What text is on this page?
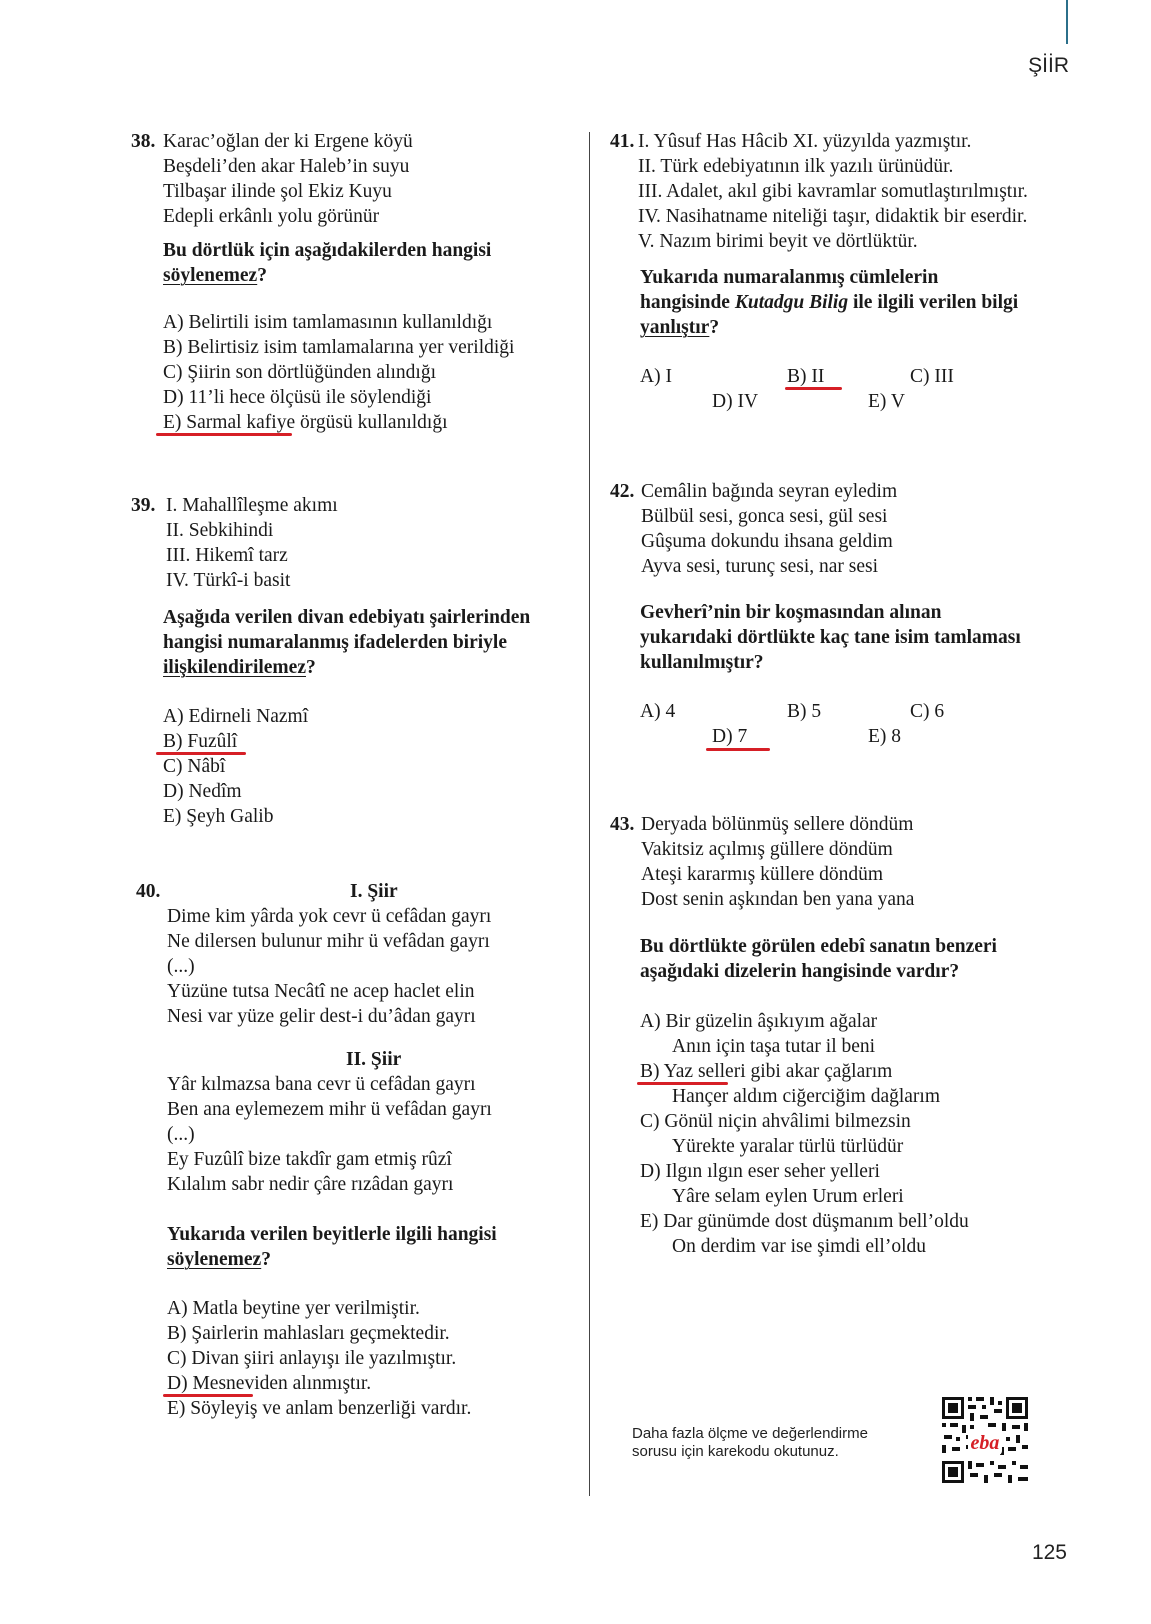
ŞİİR
38. Karac’oğlan der ki Ergene köyü
Beşdeli’den akar Haleb’in suyu
Tilbaşar ilinde şol Ekiz Kuyu
Edepli erkânlı yolu görünür
Bu dörtlük için aşağıdakilerden hangisi
söylenemez?
A) Belirtili isim tamlamasının kullanıldığı
B) Belirtisiz isim tamlamalarına yer verildiği
C) Şiirin son dörtlüğünden alındığı
D) 11’li hece ölçüsü ile söylendiği
E) Sarmal kafiye örgüsü kullanıldığı
39. I. Mahallîleşme akımı
II. Sebkihindi
III. Hikemî tarz
IV. Türkî-i basit
Aşağıda verilen divan edebiyatı şairlerinden
hangisi numaralanmış ifadelerden biriyle
ilişkilendirilemez?
A) Edirneli Nazmî
B) Fuzûlî
C) Nâbî
D) Nedîm
E) Şeyh Galib
40.	I. Şiir
Dime kim yârda yok cevr ü cefâdan gayrı
Ne dilersen bulunur mihr ü vefâdan gayrı
(...)
Yüzüne tutsa Necâtî ne acep haclet elin
Nesi var yüze gelir dest-i du’âdan gayrı
II. Şiir
Yâr kılmazsa bana cevr ü cefâdan gayrı
Ben ana eylemezem mihr ü vefâdan gayrı
(...)
Ey Fuzûlî bize takdîr gam etmiş rûzî
Kılalım sabr nedir çâre rızâdan gayrı
Yukarıda verilen beyitlerle ilgili hangisi
söylenemez?
A) Matla beytine yer verilmiştir.
B) Şairlerin mahlasları geçmektedir.
C) Divan şiiri anlayışı ile yazılmıştır.
D) Mesneviden alınmıştır.
E) Söyleyiş ve anlam benzerliği vardır.
41. I. Yûsuf Has Hâcib XI. yüzyılda yazmıştır.
II. Türk edebiyatının ilk yazılı ürünüdür.
III. Adalet, akıl gibi kavramlar somutlaştırılmıştır.
IV. Nasihatname niteliği taşır, didaktik bir eserdir.
V. Nazım birimi beyit ve dörtlüktür.
Yukarıda numaralanmış cümlelerin
hangisinde Kutadgu Bilig ile ilgili verilen bilgi
yanlıştır?
A) I	B) II	C) III
D) IV	E) V
42. Cemâlin bağında seyran eyledim
Bülbül sesi, gonca sesi, gül sesi
Gûşuma dokundu ihsana geldim
Ayva sesi, turunç sesi, nar sesi
Gevherî’nin bir koşmasından alınan
yukarıdaki dörtlükte kaç tane isim tamlaması
kullanılmıştır?
A) 4	B) 5	C) 6
D) 7	E) 8
43. Deryada bölünmüş sellere döndüm
Vakitsiz açılmış güllere döndüm
Ateşi kararmış küllere döndüm
Dost senin aşkından ben yana yana
Bu dörtlükte görülen edebî sanatın benzeri
aşağıdaki dizelerin hangisinde vardır?
A) Bir güzelin âşıkıyım ağalar
Anın için taşa tutar il beni
B) Yaz selleri gibi akar çağlarım
Hançer aldım ciğerciğim dağlarım
C) Gönül niçin ahvâlimi bilmezsin
Yürekte yaralar türlü türlüdür
D) Ilgın ılgın eser seher yelleri
Yâre selam eylen Urum erleri
E) Dar günümde dost düşmanım bell’oldu
On derdim var ise şimdi ell’oldu
Daha fazla ölçme ve değerlendirme
sorusu için karekodu okutunuz.	eba
125
